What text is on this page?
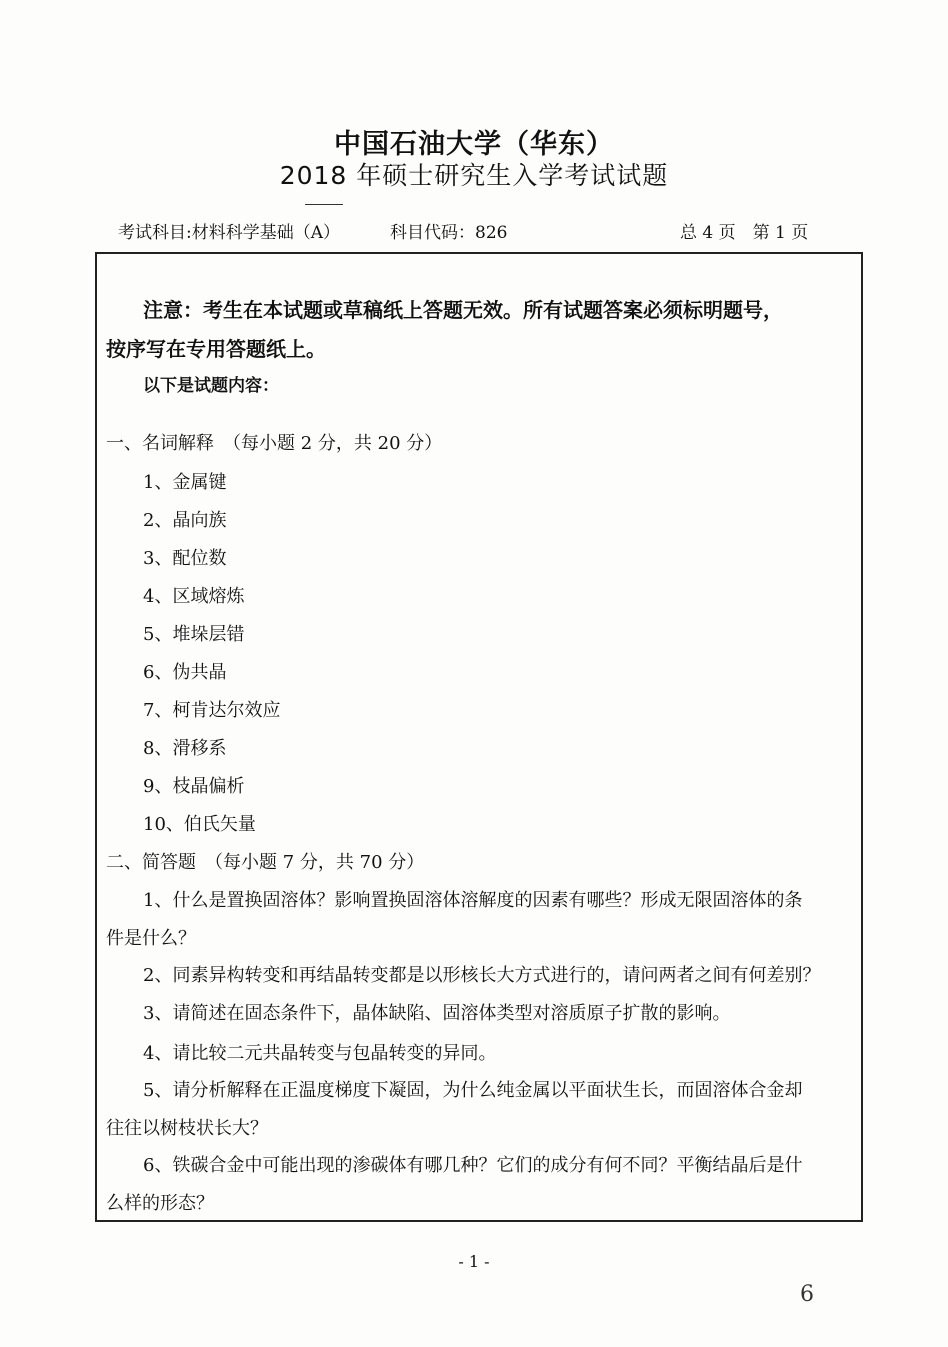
中国石油大学（华东）
2018 年硕士研究生入学考试试题
考试科目:材料科学基础（A）	科目代码：826	总 4 页　第 1 页
注意：考生在本试题或草稿纸上答题无效。所有试题答案必须标明题号，
按序写在专用答题纸上。
以下是试题内容：
一、名词解释　（每小题 2 分，共 20 分）
1、金属键
2、晶向族
3、配位数
4、区域熔炼
5、堆垛层错
6、伪共晶
7、柯肯达尔效应
8、滑移系
9、枝晶偏析
10、伯氏矢量
二、简答题　（每小题 7 分，共 70 分）
1、什么是置换固溶体？影响置换固溶体溶解度的因素有哪些？形成无限固溶体的条
件是什么？
2、同素异构转变和再结晶转变都是以形核长大方式进行的，请问两者之间有何差别？
3、请简述在固态条件下，晶体缺陷、固溶体类型对溶质原子扩散的影响。
4、请比较二元共晶转变与包晶转变的异同。
5、请分析解释在正温度梯度下凝固，为什么纯金属以平面状生长，而固溶体合金却
往往以树枝状长大？
6、铁碳合金中可能出现的渗碳体有哪几种？它们的成分有何不同？平衡结晶后是什
么样的形态？
- 1 -
6
